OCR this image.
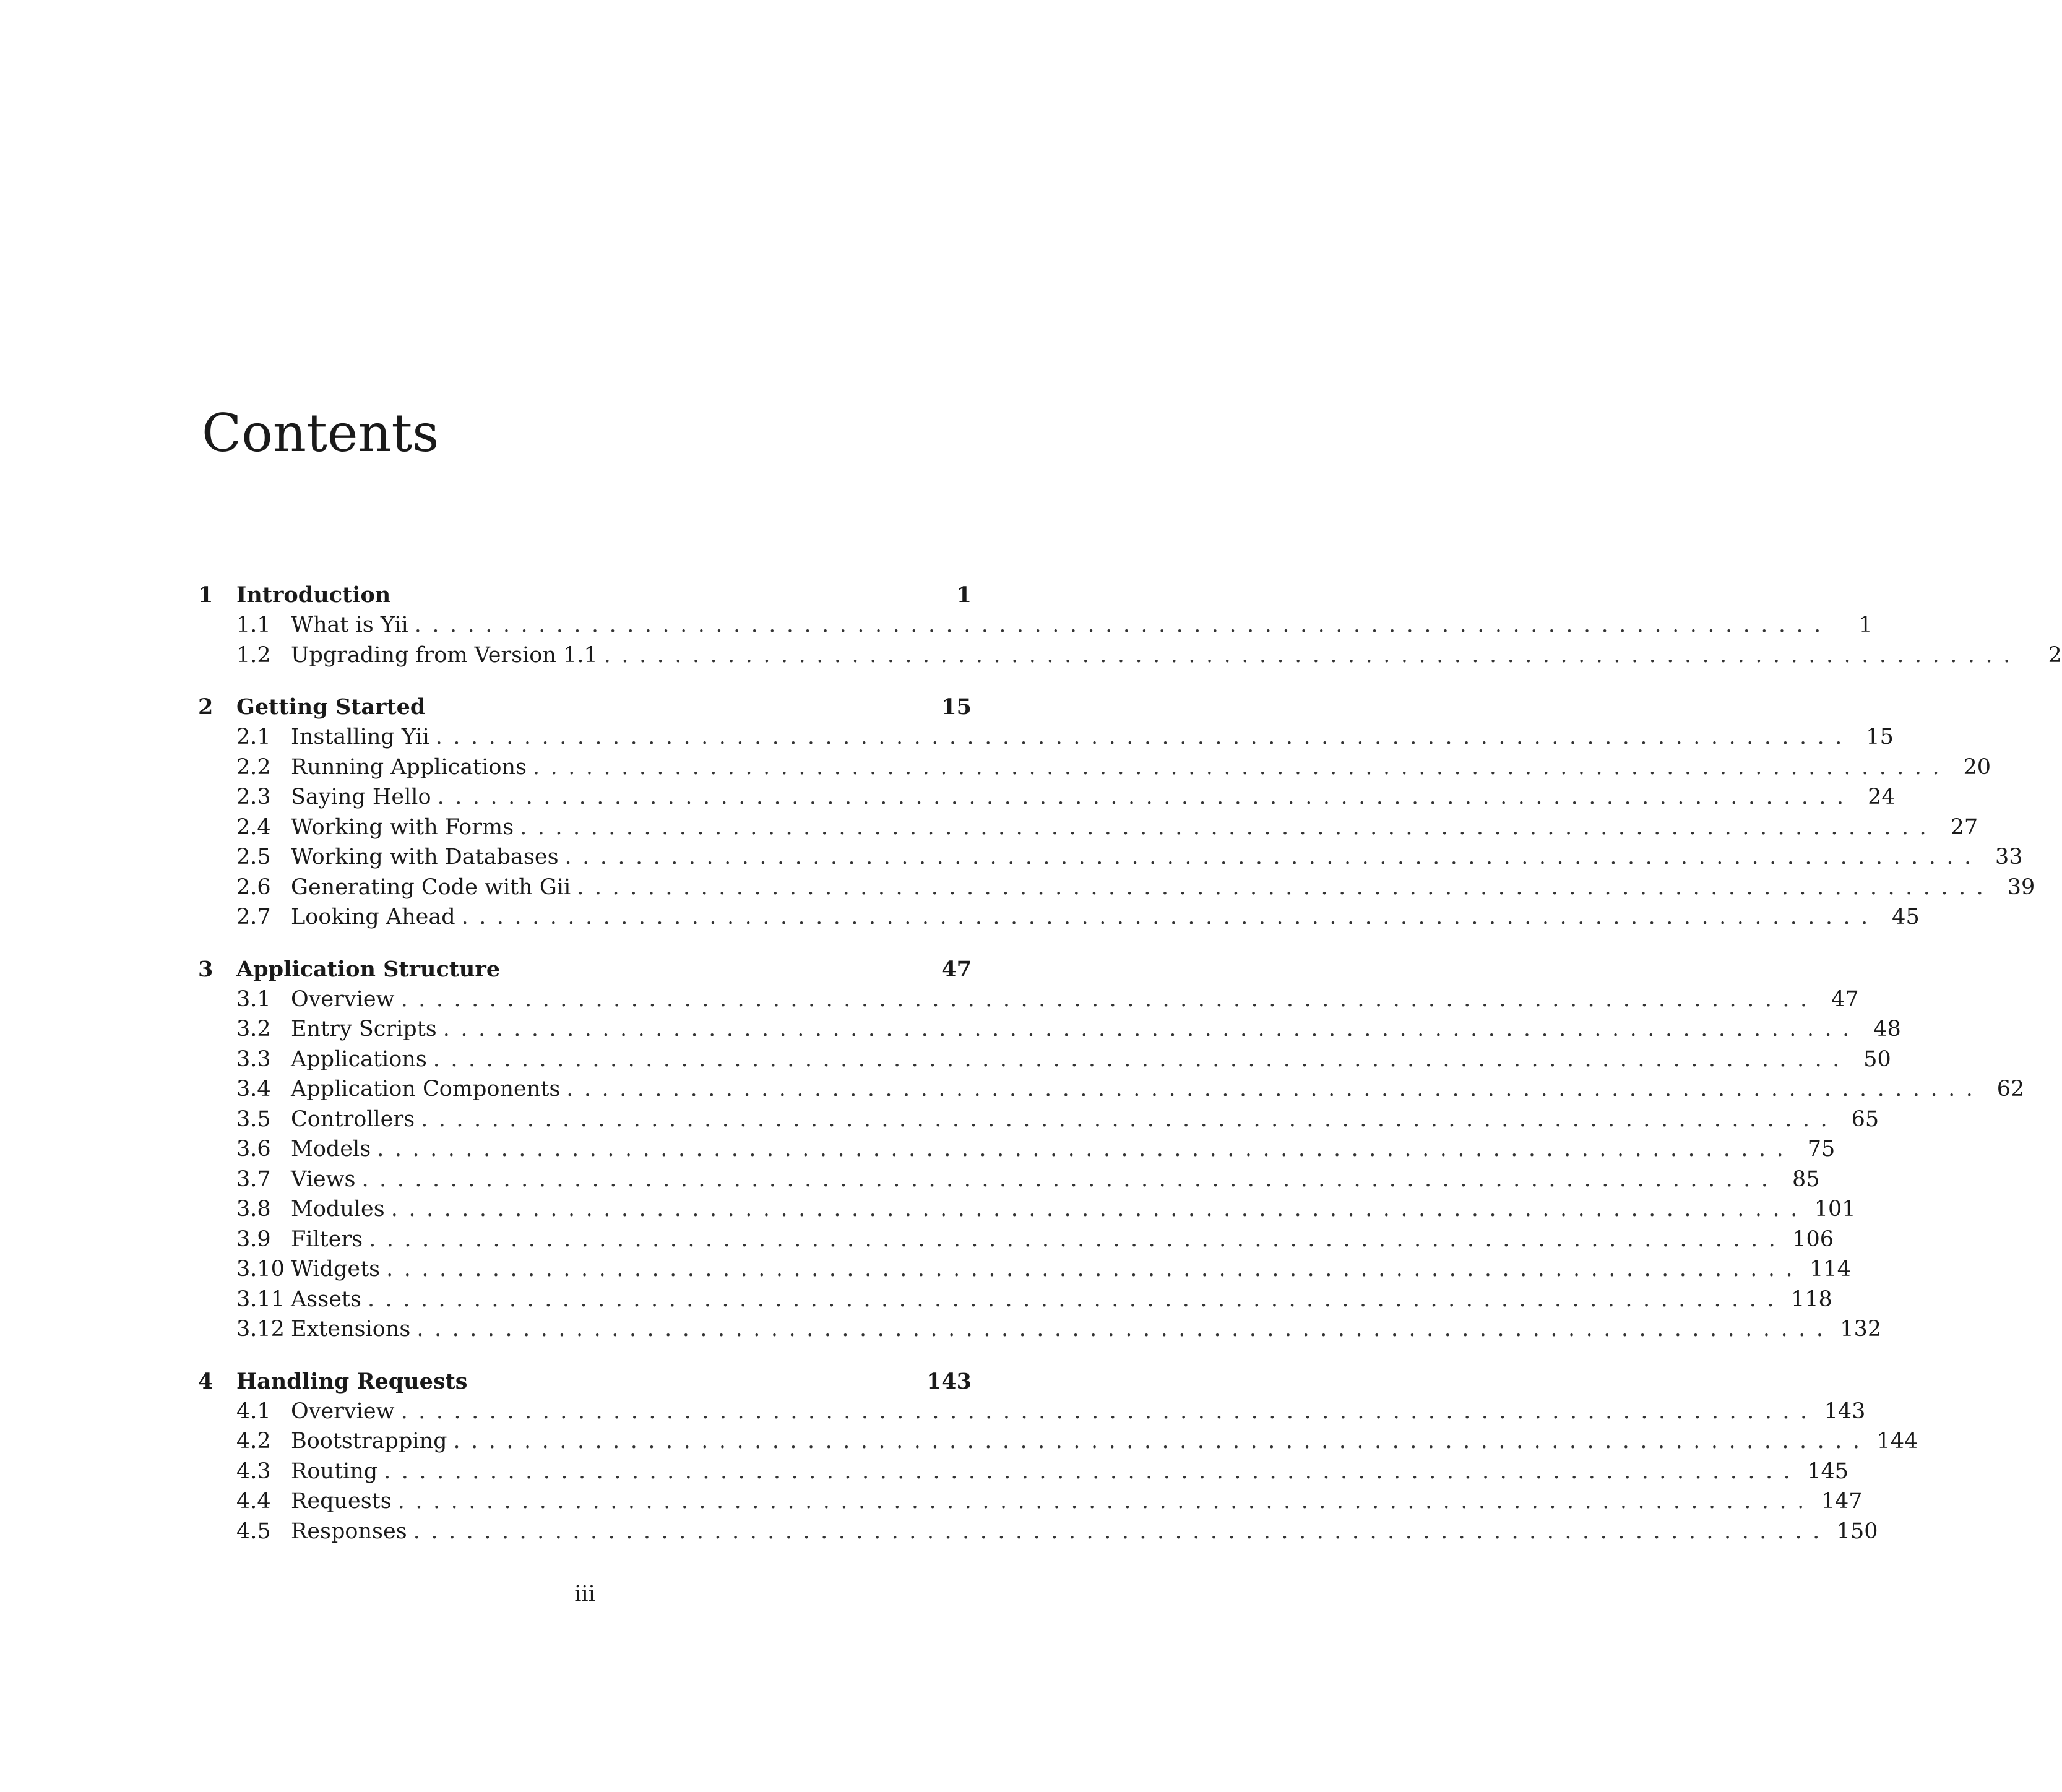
Contents
1	Introduction	1
1.1 What is Yii ................................................................................	1
1.2 Upgrading from Version 1.1 ................................................................................	2
2	Getting Started	15
2.1 Installing Yii ................................................................................ 15
2.2 Running Applications ................................................................................ 20
2.3 Saying Hello ................................................................................ 24
2.4 Working with Forms ................................................................................ 27
2.5 Working with Databases ................................................................................ 33
2.6 Generating Code with Gii ................................................................................ 39
2.7 Looking Ahead ................................................................................ 45
3	Application Structure	47
3.1 Overview ................................................................................ 47
3.2 Entry Scripts ................................................................................ 48
3.3 Applications ................................................................................ 50
3.4 Application Components ................................................................................ 62
3.5 Controllers ................................................................................ 65
3.6 Models ................................................................................ 75
3.7 Views ................................................................................ 85
3.8 Modules ................................................................................ 101
3.9 Filters ................................................................................ 106
3.10 Widgets ................................................................................ 114
3.11 Assets ................................................................................ 118
3.12 Extensions ................................................................................ 132
4	Handling Requests	143
4.1 Overview ................................................................................ 143
4.2 Bootstrapping ................................................................................ 144
4.3 Routing ................................................................................ 145
4.4 Requests ................................................................................ 147
4.5 Responses ................................................................................ 150
iii
